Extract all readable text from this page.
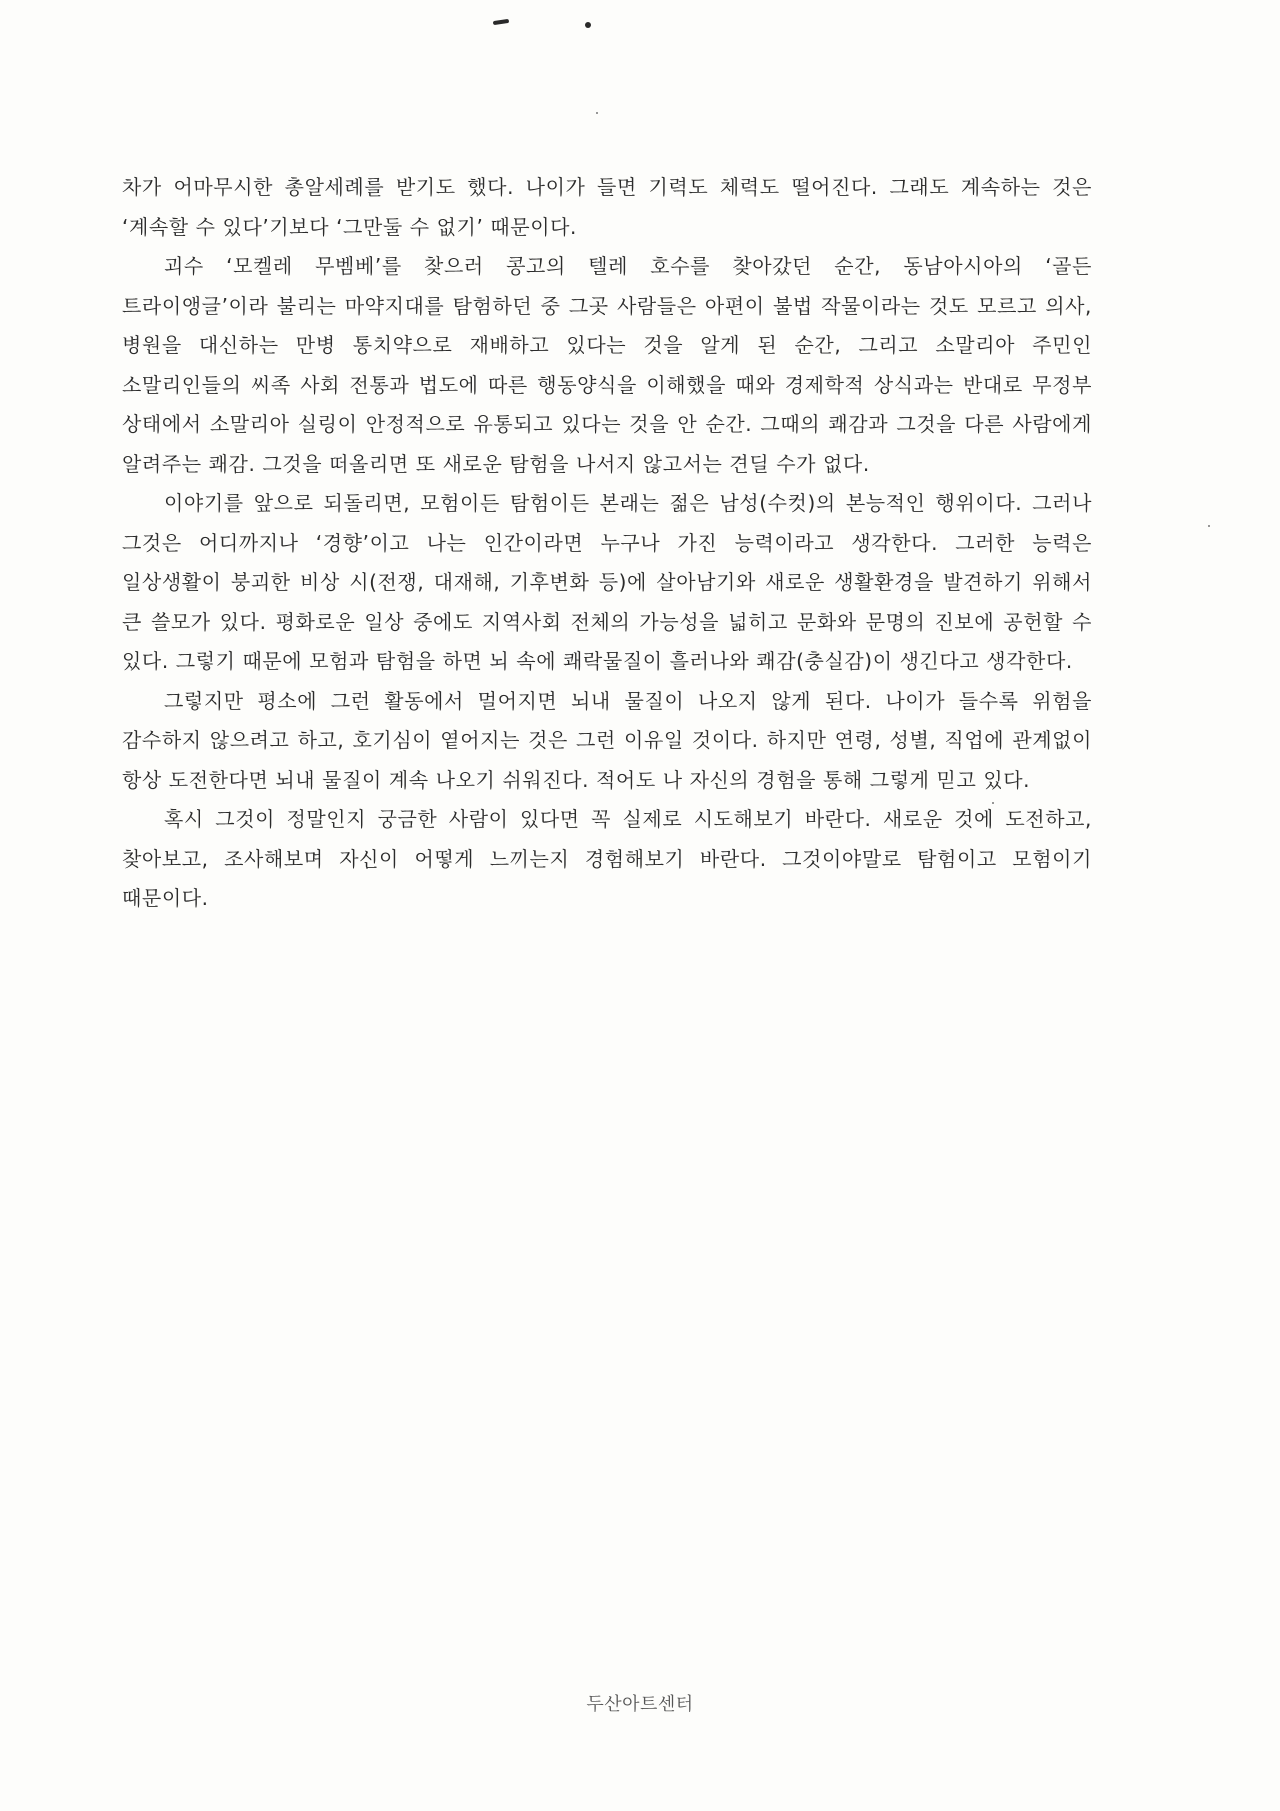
차가 어마무시한 총알세례를 받기도 했다. 나이가 들면 기력도 체력도 떨어진다. 그래도 계속하는 것은 ‘계속할 수 있다’기보다 ‘그만둘 수 없기’ 때문이다.

괴수 ‘모켈레 무벰베’를 찾으러 콩고의 텔레 호수를 찾아갔던 순간, 동남아시아의 ‘골든 트라이앵글’이라 불리는 마약지대를 탐험하던 중 그곳 사람들은 아편이 불법 작물이라는 것도 모르고 의사, 병원을 대신하는 만병 통치약으로 재배하고 있다는 것을 알게 된 순간, 그리고 소말리아 주민인 소말리인들의 씨족 사회 전통과 법도에 따른 행동양식을 이해했을 때와 경제학적 상식과는 반대로 무정부 상태에서 소말리아 실링이 안정적으로 유통되고 있다는 것을 안 순간. 그때의 쾌감과 그것을 다른 사람에게 알려주는 쾌감. 그것을 떠올리면 또 새로운 탐험을 나서지 않고서는 견딜 수가 없다.

이야기를 앞으로 되돌리면, 모험이든 탐험이든 본래는 젊은 남성(수컷)의 본능적인 행위이다. 그러나 그것은 어디까지나 ‘경향’이고 나는 인간이라면 누구나 가진 능력이라고 생각한다. 그러한 능력은 일상생활이 붕괴한 비상 시(전쟁, 대재해, 기후변화 등)에 살아남기와 새로운 생활환경을 발견하기 위해서 큰 쓸모가 있다. 평화로운 일상 중에도 지역사회 전체의 가능성을 넓히고 문화와 문명의 진보에 공헌할 수 있다. 그렇기 때문에 모험과 탐험을 하면 뇌 속에 쾌락물질이 흘러나와 쾌감(충실감)이 생긴다고 생각한다.

그렇지만 평소에 그런 활동에서 멀어지면 뇌내 물질이 나오지 않게 된다. 나이가 들수록 위험을 감수하지 않으려고 하고, 호기심이 옅어지는 것은 그런 이유일 것이다. 하지만 연령, 성별, 직업에 관계없이 항상 도전한다면 뇌내 물질이 계속 나오기 쉬워진다. 적어도 나 자신의 경험을 통해 그렇게 믿고 있다.

혹시 그것이 정말인지 궁금한 사람이 있다면 꼭 실제로 시도해보기 바란다. 새로운 것에 도전하고, 찾아보고, 조사해보며 자신이 어떻게 느끼는지 경험해보기 바란다. 그것이야말로 탐험이고 모험이기 때문이다.

두산아트센터
